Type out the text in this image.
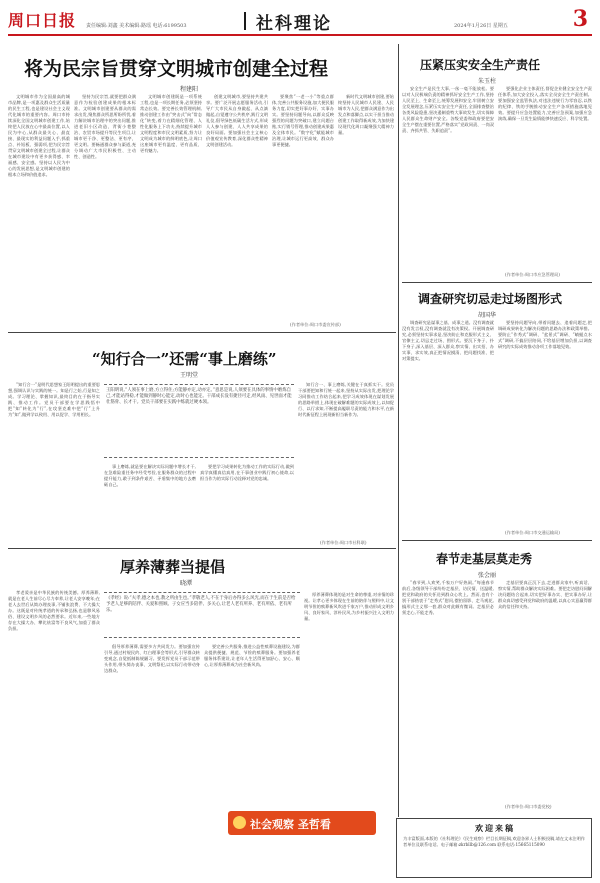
周口日报 责任编辑:刘鑫 美术编辑:路瑶 电话:6199503	社科理论	2024年1月26日 星期五	3
将为民宗旨贯穿文明城市创建全过程
程建阳

文明城市作为全国最高的城市品牌,是一项惠及群众生活质量的民生工程,也是建设社会主义现代化城市的重要内容。周口市持续深化全国文明城市创建工作,始终把人民放在心中最高位置,以人民为中心,从群众最关心、最直接、最现实的利益问题入手,抓重点、补短板、强弱项,把为民宗旨贯穿文明城市创建全过程,让群众在城市建设中有更多获得感、幸福感、安全感。坚持以人民为中心的发展思想,是文明城市创建的根本立场和价值追求。

坚持为民宗旨,就要把群众满意作为检验创建成果的根本标准。文明城市创建要从群众的需求出发,聚焦群众所思所盼所忧,着力解决城市治理中的突出问题,推进老旧小区改造、背街小巷整治、农贸市场提升等民生项目,让城市更干净、更整洁、更有序、更文明。要畅通群众参与渠道,充分调动广大市民积极性、主动性、创造性。

文明城市创建既是一项系统工程,也是一项长期任务,必须坚持常态长效。要完善长效管理机制,推动创建工作由“突击式”向“常态化”转变,着力在精细化管理、人性化服务上下功夫,持续提升城市文明程度和市民文明素质,努力让文明成为城市的鲜明底色,让周口这座城市更有温度、更有品质、更有魅力。

创建文明城市,要坚持共建共享。要广泛开展志愿服务活动,引导广大市民从自身做起、从点滴做起,自觉遵守公共秩序,践行文明礼仪,倡导绿色低碳生活方式,形成人人参与创建、人人共享成果的良好局面。要加强社会主义核心价值观宣传教育,深化群众性精神文明创建活动。

要聚焦“一老一小”等重点群体,完善公共服务设施,加大便民服务力度,切实把好事办好、实事办实。要坚持问题导向,以群众反映强烈的问题为突破口,建立问题台账,实行销号管理,推动创建成果惠及全体市民。“数字化”赋能城市治理,让城市运行更高效、群众办事更便捷。

新时代文明城市创建,要始终坚持人民城市人民建、人民城市为人民,把群众满意作为出发点和落脚点,以实干担当推动创建工作取得新成效,为加快建设现代化周口凝聚强大精神力量。

(作者单位:周口市委宣传部)
压紧压实安全生产责任
朱玉柱

安全生产是民生大事,一丝一毫不能放松。要以对人民极端负责的精神抓好安全生产工作,坚持人民至上、生命至上,统筹发展和安全,牢固树立安全发展理念,压紧压实安全生产责任,全面排查整治各类风险隐患,坚决遏制重特大事故发生,切实保障人民群众生命财产安全。各级党委和政府要把安全生产摆在重要位置,严格落实“党政同责、一岗双责、齐抓共管、失职追责”。

要强化企业主体责任,督促企业健全安全生产责任体系,加大安全投入,落实全员安全生产责任制。要加强安全监管执法,对违法违规行为零容忍,以铁的纪律、铁的手腕推动安全生产各项措施落地见效。要提升应急处置能力,完善应急预案,加强应急演练,确保一旦发生险情能够快速反应、科学处置。

(作者单位:周口市应急管理局)
调查研究切忌走过场图形式
胡国华

调查研究是谋事之基、成事之道。没有调查就没有发言权,没有调查就没有决策权。开展调查研究,必须坚持实事求是,坚决防止和克服形式主义、官僚主义,切忌走过场、图形式。要沉下身子、扑下身子,深入基层、深入群众,察实情、出实招、办实事、求实效,真正把情况摸清、把问题找准、把对策提实。

要坚持问题导向,带着问题去、追着问题走,把调研成果转化为解决问题的思路办法和政策举措。要防止“作秀式”调研、“盆景式”调研、“蜻蜓点水式”调研,不搞层层陪同,不给基层增加负担,以调查研究的实际成效推动各项工作落地见效。

(作者单位:周口市交通运输局)
“知行合一”还需“事上磨练”
王明堂

“知行合一”是明代思想家王阳明提出的重要思想,强调认识与实践的统一。知是行之始,行是知之成。学习理论、掌握知识,最终目的在于指导实践、推动工作。党员干部要在学思践悟中把“知”转化为“行”,在攻坚克难中把“行”上升为“知”,做到学以致用、用以促学、学用相长。

王阳明说,“人须在事上磨,方立得住;方能静亦定,动亦定。”意思是说,人须要在具体的事情中磨炼自己,才能站得稳,才能做到静时心能定,动时心也能定。干部成长没有捷径可走,经风雨、见世面才能壮筋骨、长才干。党员干部要在实践中练就过硬本领。

事上磨练,就是要在解决实际问题中增长才干,在急难险重任务中经受考验,在服务群众的过程中提升能力,敢于到条件艰苦、矛盾集中的地方去磨砺自己。

要把学习成果转化为推动工作的实际行动,做到真学真懂真信真用,在干事创业中践行初心使命,以担当作为的实际行动诠释对党的忠诚。

知行合一、事上磨练,关键在于真抓实干。党员干部要把知和行统一起来,坚持从实际出发,把理论学习同推动工作结合起来,把学习成效体现在谋划发展的思路举措上,体现在破解难题的实际成效上,以知促行、以行求知,不断提高履职尽责的能力和水平,在新时代新征程上展现新担当新作为。

(作者单位:周口市社科联)
厚养薄葬当提倡
晓潭

孝老爱亲是中华民族的传统美德。厚养薄葬,就是在老人生前尽心尽力奉养,让老人安享晚年;在老人去世后从简办理丧事,不铺张浪费、不大操大办。这既是对传统孝道的传承和弘扬,也是移风易俗、建设文明乡风的必然要求。近年来,一些地方存在大操大办、攀比炫富等不良风气,加重了群众负担。

《孝经》说:“夫孝,德之本也,教之所由生也。”孝敬老人,不在于身后办得多么风光,而在于生前是否给予老人足够的陪伴、关爱和照顾。子女应当多陪伴、多关心,让老人老有所养、老有所依、老有所乐。

倡导厚养薄葬,需要多方共同发力。要加强宣传引导,通过村规民约、红白理事会等形式,引导群众转变观念,自觉抵制陈规陋习。要发挥党员干部示范带头作用,带头简办丧事、文明祭祀,以实际行动带动身边群众。

要完善公共服务,推进公益性殡葬设施建设,为群众提供便捷、规范、节俭的殡葬服务。要加强养老服务体系建设,让老年人生活得更加舒心、安心、顺心,让厚养薄葬成为社会新风尚。

厚养薄葬体现的是对生命的尊重,对亲情的珍视。让孝心更多体现在生前的陪伴与照料中,让文明节俭的殡葬新风吹进千家万户,推动形成文明乡风、良好家风、淳朴民风,为乡村振兴注入文明力量。

春节走基层莫走秀
张会丽

“春节到,人欢笑,千家万户好热闹。”每逢春节前后,各级领导干部纷纷走基层、访民情、送温暖,把党和政府的关怀送到群众心坎上。然而,也有个别干部热衷于“走秀式”慰问,摆拍留影、走马观花,搞形式主义那一套,群众对此颇有微词。走基层必须走心,不能走秀。

走基层要真正沉下去,走进群众家中,听真话、察实情,帮助群众解决实际困难。要把走访慰问同解决问题结合起来,切实把好事办实、把实事办好,让群众真切感受到党和政府的温暖,以真心实意赢得群众的信任和支持。

(作者单位:周口市委党校)
社会观察 圣哲看	欢迎来稿
为丰富版面,本版的《社科理论》《民生观察》栏目长期征稿,欢迎各界人士积极投稿,请在文末注明作者单位及联系电话。电子邮箱:zkrbllb@126.com 联系电话:15665115090
